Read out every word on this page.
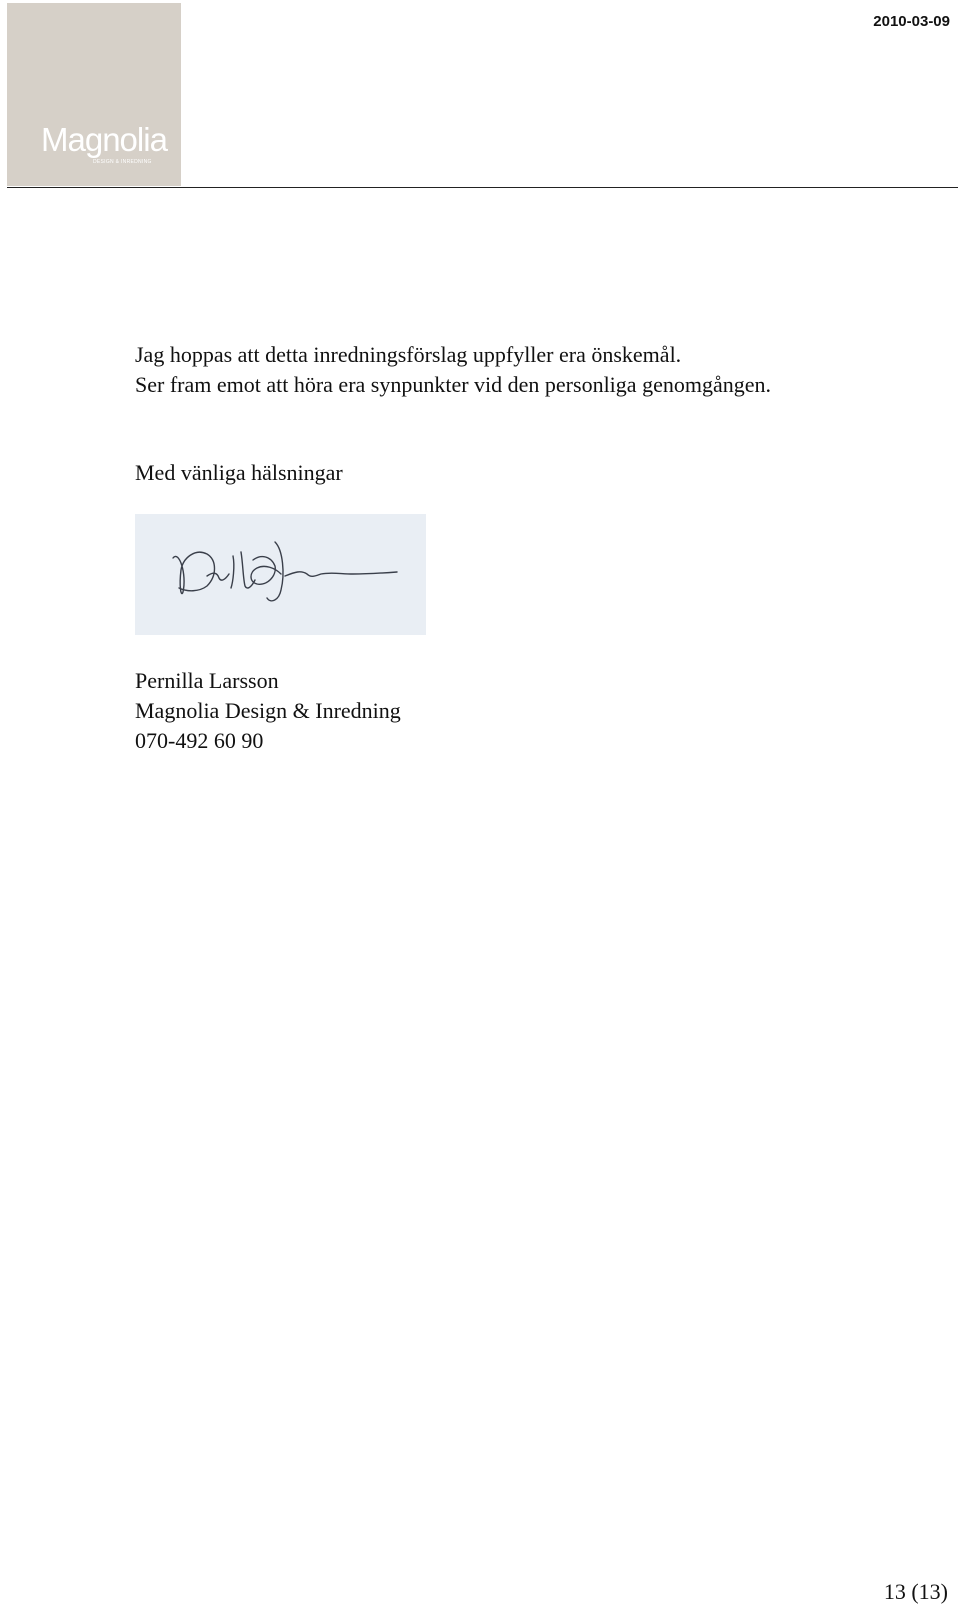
Magnolia
DESIGN & INREDNING
2010-03-09
Jag hoppas att detta inredningsförslag uppfyller era önskemål.
Ser fram emot att höra era synpunkter vid den personliga genomgången.
Med vänliga hälsningar
Pernilla Larsson
Magnolia Design & Inredning
070-492 60 90
13 (13)
